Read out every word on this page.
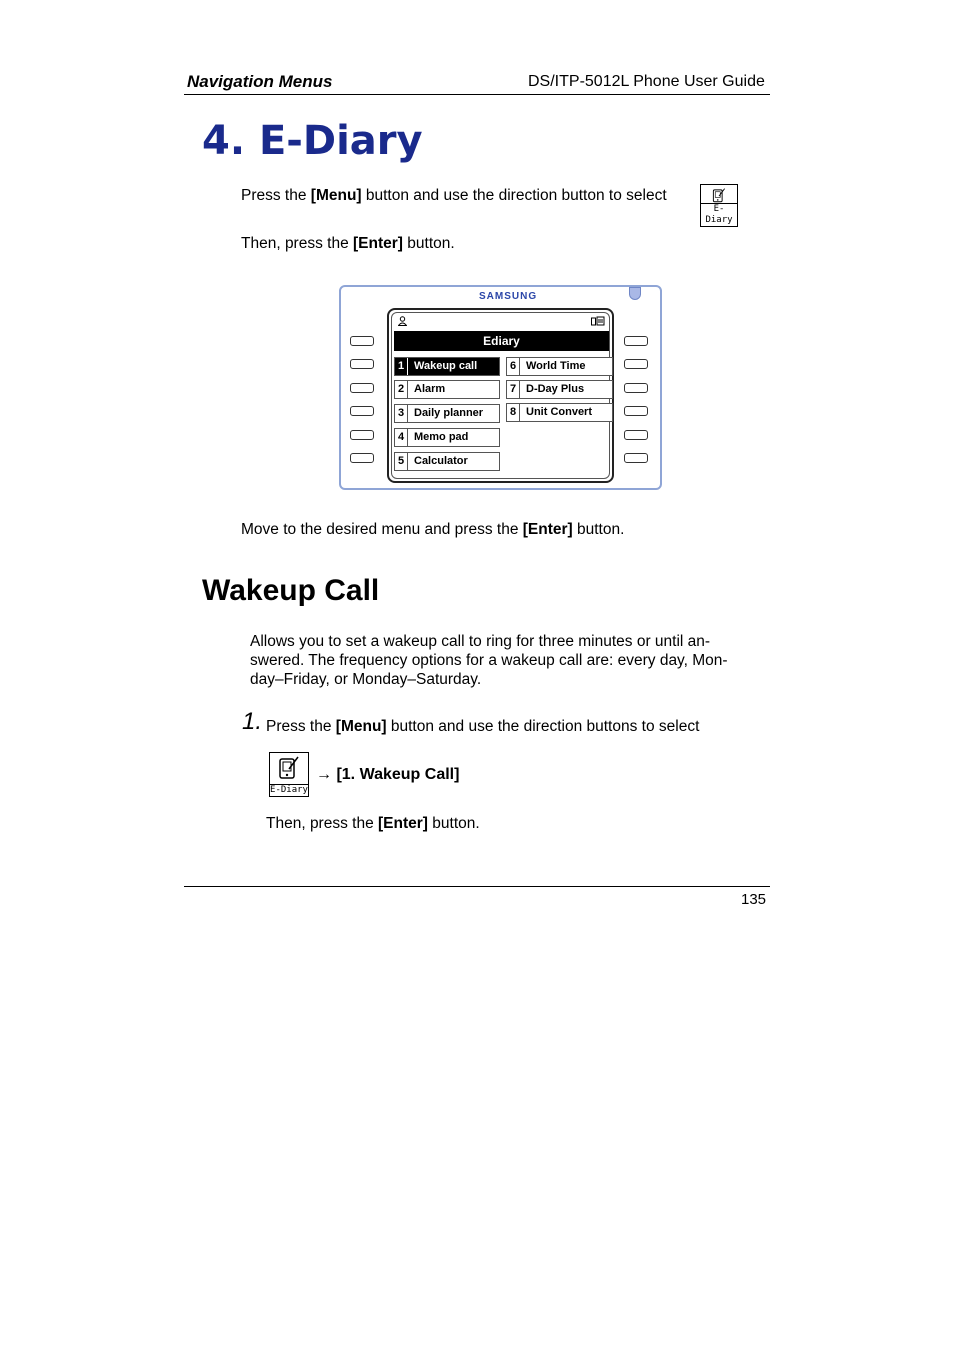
Navigation Menus	DS/ITP-5012L Phone User Guide
4. E-Diary
Press the [Menu] button and use the direction button to select
E-Diary
Then, press the [Enter] button.
SAMSUNG
Ediary
1 Wakeup call
2 Alarm
3 Daily planner
4 Memo pad
5 Calculator
6 World Time
7 D-Day Plus
8 Unit Convert
Move to the desired menu and press the [Enter] button.
Wakeup Call
Allows you to set a wakeup call to ring for three minutes or until an-
swered. The frequency options for a wakeup call are: every day, Mon-
day–Friday, or Monday–Saturday.
1. Press the [Menu] button and use the direction buttons to select
E-Diary
→ [1. Wakeup Call]
Then, press the [Enter] button.
135
